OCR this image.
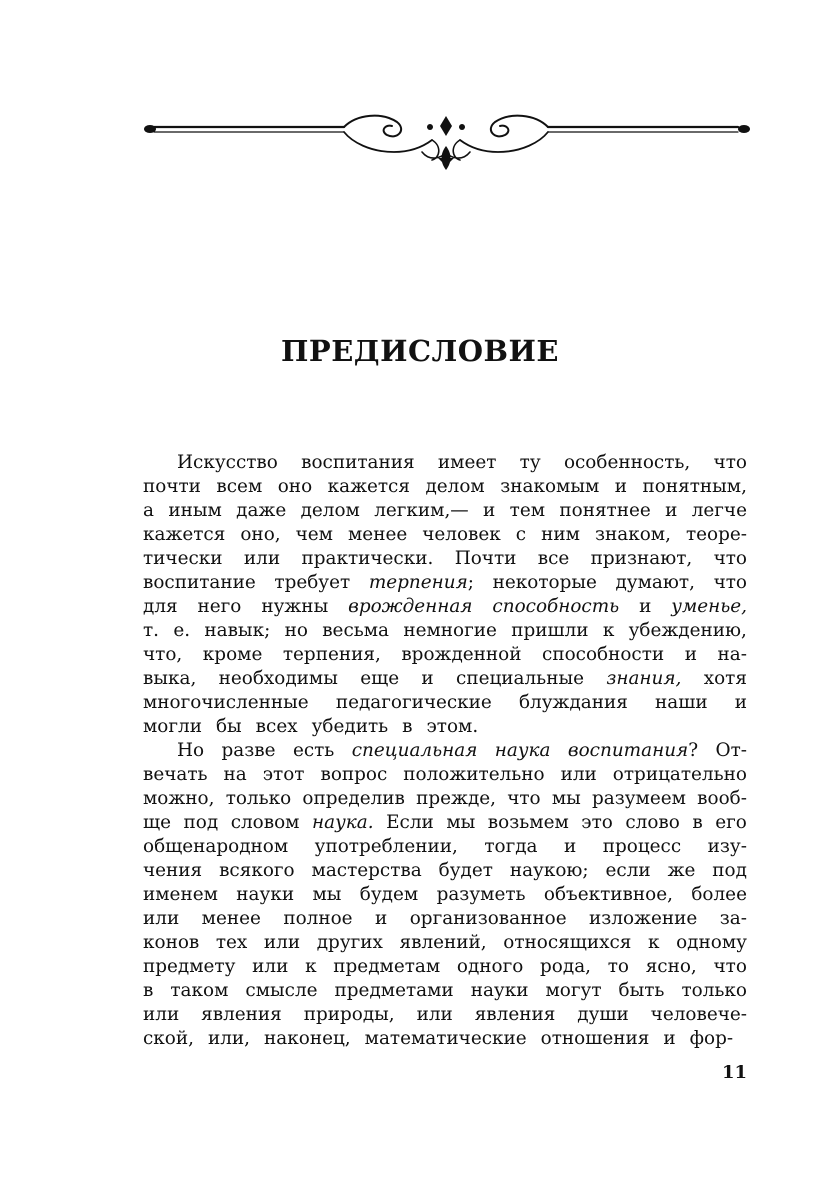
ПРЕДИСЛОВИЕ
Искусство воспитания имеет ту особенность, что
почти всем оно кажется делом знакомым и понятным,
а иным даже делом легким,— и тем понятнее и легче
кажется оно, чем менее человек с ним знаком, теоре-
тически или практически. Почти все признают, что
воспитание требует терпения; некоторые думают, что
для него нужны врожденная способность и уменье,
т. е. навык; но весьма немногие пришли к убеждению,
что, кроме терпения, врожденной способности и на-
выка, необходимы еще и специальные знания, хотя
многочисленные педагогические блуждания наши и
могли бы всех убедить в этом.
Но разве есть специальная наука воспитания? От-
вечать на этот вопрос положительно или отрицательно
можно, только определив прежде, что мы разумеем вооб-
ще под словом наука. Если мы возьмем это слово в его
общенародном употреблении, тогда и процесс изу-
чения всякого мастерства будет наукою; если же под
именем науки мы будем разуметь объективное, более
или менее полное и организованное изложение за-
конов тех или других явлений, относящихся к одному
предмету или к предметам одного рода, то ясно, что
в таком смысле предметами науки могут быть только
или явления природы, или явления души человече-
ской, или, наконец, математические отношения и фор-
11
